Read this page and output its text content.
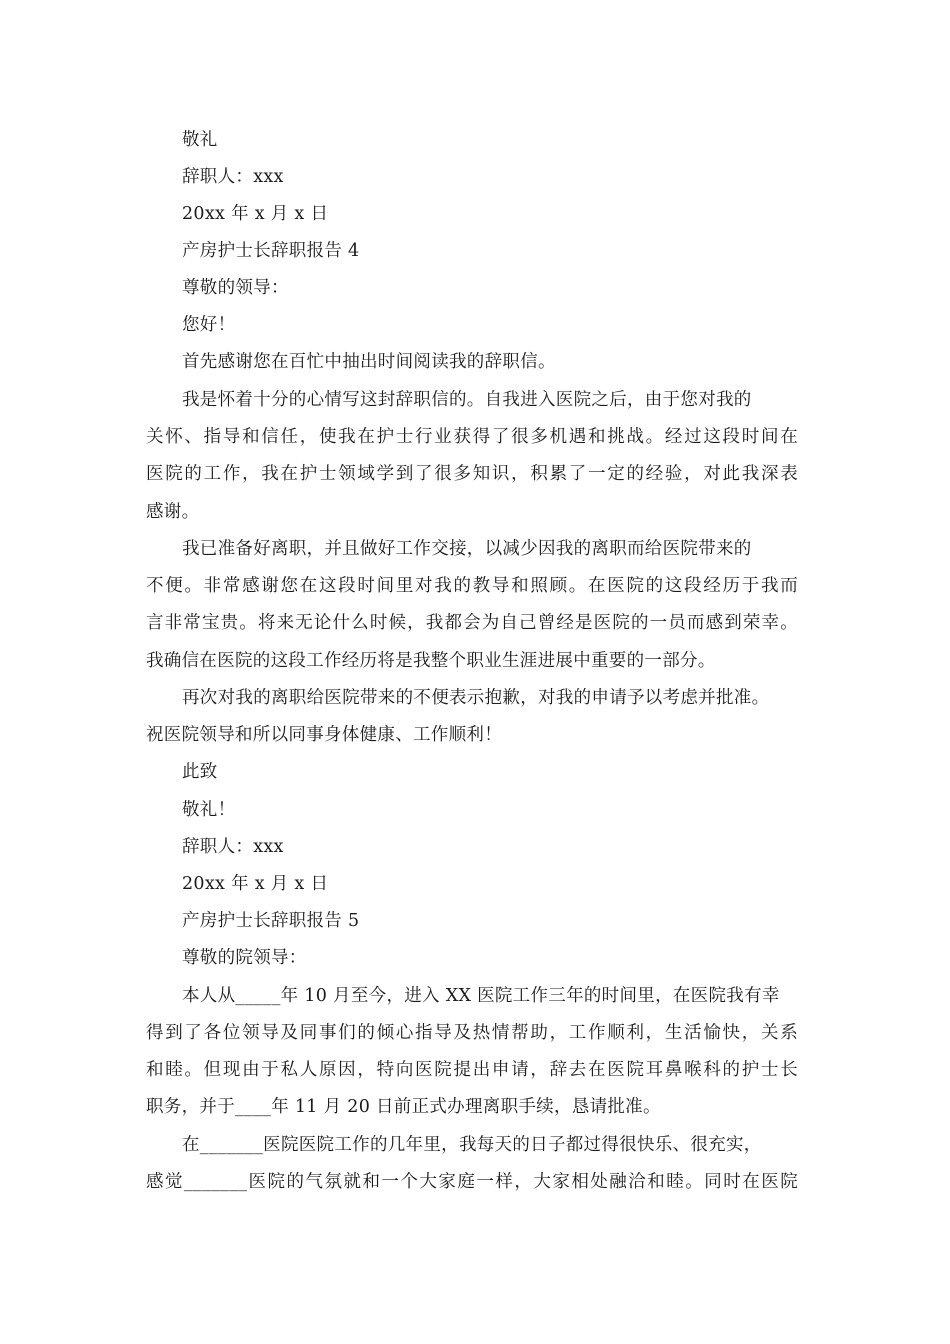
敬礼
辞职人：xxx
20xx 年 x 月 x 日
产房护士长辞职报告 4
尊敬的领导：
您好！
首先感谢您在百忙中抽出时间阅读我的辞职信。
我是怀着十分的心情写这封辞职信的。自我进入医院之后，由于您对我的
关怀、指导和信任，使我在护士行业获得了很多机遇和挑战。经过这段时间在
医院的工作，我在护士领域学到了很多知识，积累了一定的经验，对此我深表
感谢。
我已准备好离职，并且做好工作交接，以减少因我的离职而给医院带来的
不便。非常感谢您在这段时间里对我的教导和照顾。在医院的这段经历于我而
言非常宝贵。将来无论什么时候，我都会为自己曾经是医院的一员而感到荣幸。
我确信在医院的这段工作经历将是我整个职业生涯进展中重要的一部分。
再次对我的离职给医院带来的不便表示抱歉，对我的申请予以考虑并批准。
祝医院领导和所以同事身体健康、工作顺利！
此致
敬礼！
辞职人：xxx
20xx 年 x 月 x 日
产房护士长辞职报告 5
尊敬的院领导：
本人从_____年 10 月至今，进入 XX 医院工作三年的时间里，在医院我有幸
得到了各位领导及同事们的倾心指导及热情帮助，工作顺利，生活愉快，关系
和睦。但现由于私人原因，特向医院提出申请，辞去在医院耳鼻喉科的护士长
职务，并于____年 11 月 20 日前正式办理离职手续，恳请批准。
在_______医院医院工作的几年里，我每天的日子都过得很快乐、很充实，
感觉_______医院的气氛就和一个大家庭一样，大家相处融洽和睦。同时在医院
